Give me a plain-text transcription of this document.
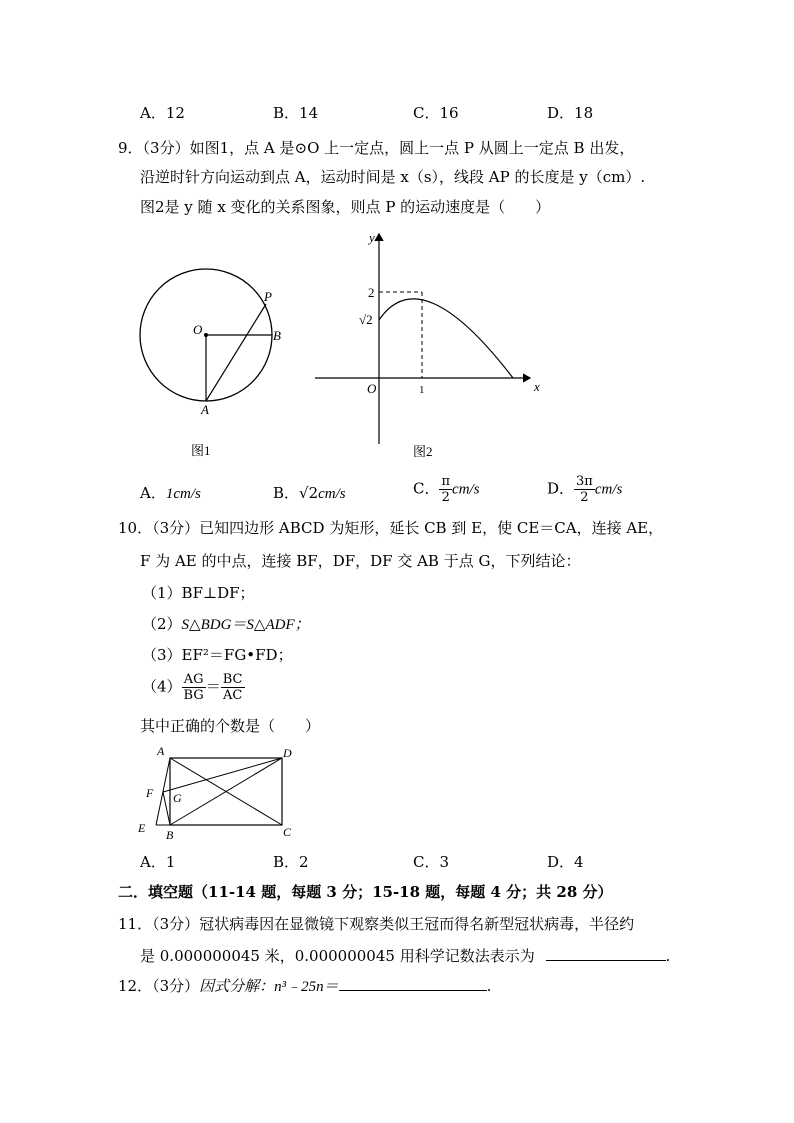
A．12	B．14	C．16	D．18
9．（3分）如图1，点 A 是⊙O 上一定点，圆上一点 P 从圆上一定点 B 出发，
沿逆时针方向运动到点 A，运动时间是 x（s），线段 AP 的长度是 y（cm）.
图2是 y 随 x 变化的关系图象，则点 P 的运动速度是（　　）
O
P
B
A
图1
y
x
O
2
√2
1
图2
A．1cm/s	B．√2cm/s	C． $\frac{\pi}{2} cm/s$	D． $\frac{3\pi}{2} cm/s$
10．（3分）已知四边形 ABCD 为矩形，延长 CB 到 E，使 CE＝CA，连接 AE，
F 为 AE 的中点，连接 BF，DF，DF 交 AB 于点 G，下列结论：
（1）BF⊥DF；
（2）S△BDG＝S△ADF；
（3）EF²＝FG•FD；
$(4) \frac{AG}{BG} = \frac{BC}{AC}$
其中正确的个数是（　　）
A	D
F G
E B	C
A．1	B．2	C．3	D．4
二．填空题（11-14 题，每题 3 分；15-18 题，每题 4 分；共 28 分）
11．（3分）冠状病毒因在显微镜下观察类似王冠而得名新型冠状病毒，半径约
是 0.000000045 米，0.000000045 用科学记数法表示为	.
12．（3分）因式分解：n³﹣25n＝	.
